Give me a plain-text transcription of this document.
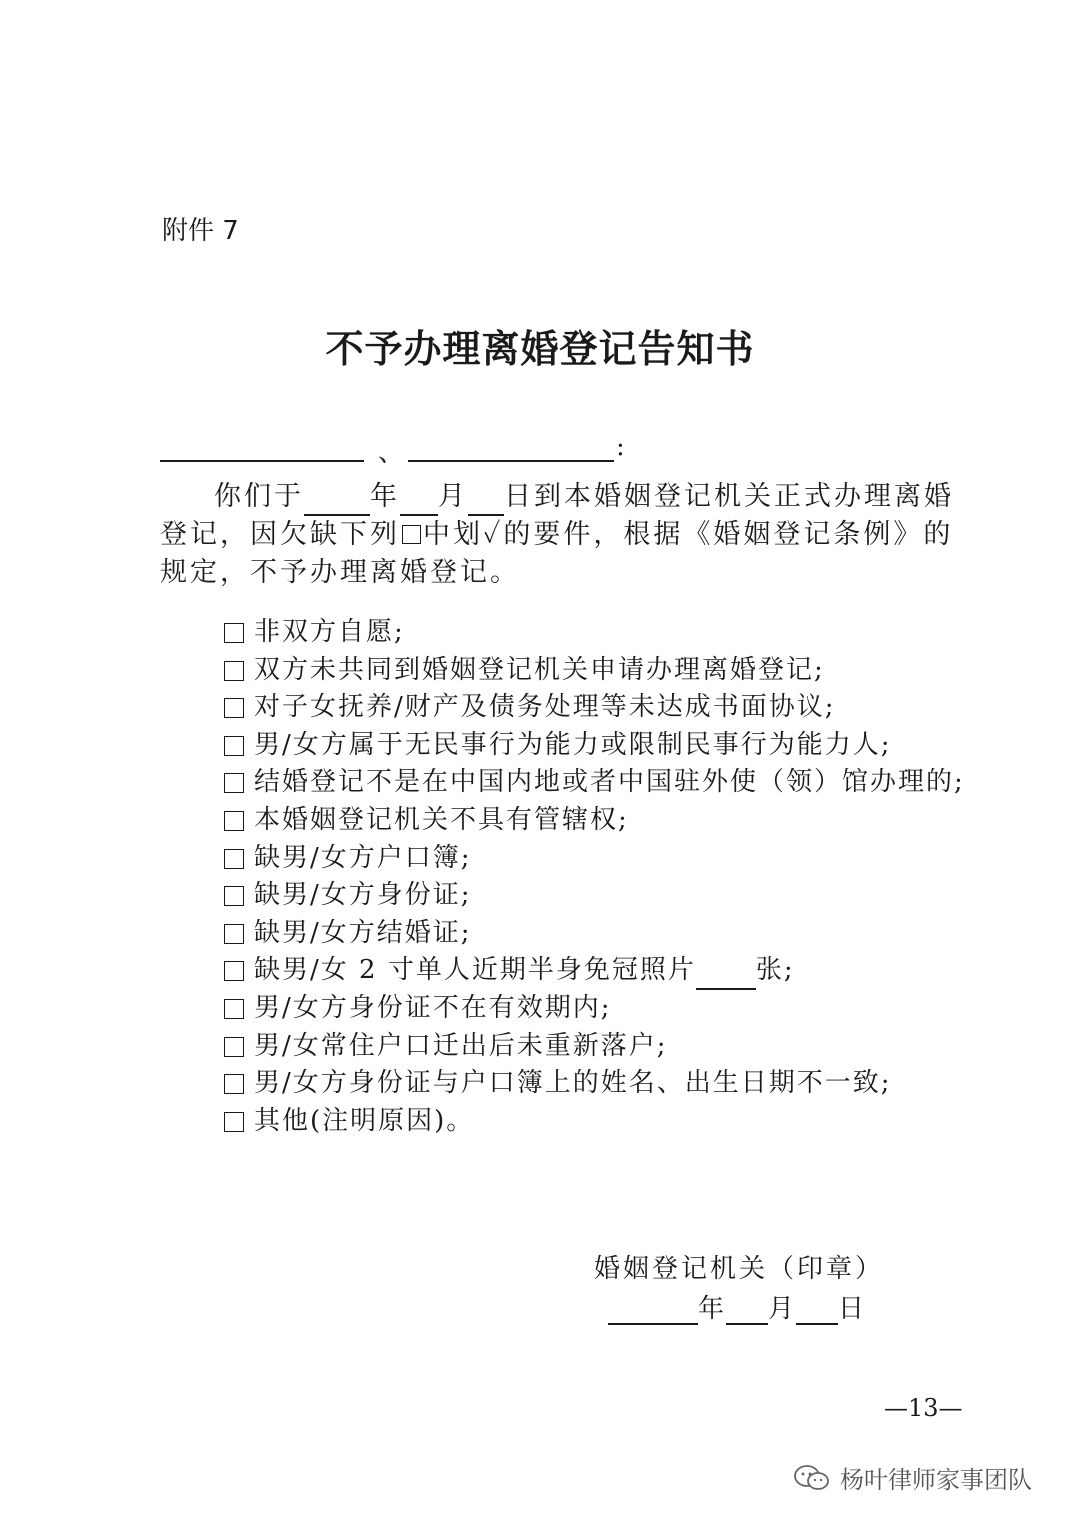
附件 7
不予办理离婚登记告知书
、	:

你们于 年 月 日到本婚姻登记机关正式办理离婚登记，因欠缺下列 中划✓的要件，根据《婚姻登记条例》的规定，不予办理离婚登记。

非双方自愿;
双方未共同到婚姻登记机关申请办理离婚登记;
对子女抚养/财产及债务处理等未达成书面协议;
男/女方属于无民事行为能力或限制民事行为能力人;
结婚登记不是在中国内地或者中国驻外使（领）馆办理的;
本婚姻登记机关不具有管辖权;
缺男/女方户口簿;
缺男/女方身份证;
缺男/女方结婚证;
缺男/女 2 寸单人近期半身免冠照片 张;
男/女方身份证不在有效期内;
男/女常住户口迁出后未重新落户;
男/女方身份证与户口簿上的姓名、出生日期不一致;
其他(注明原因)。
婚姻登记机关（印章）
年 月 日
—13—
杨叶律师家事团队
